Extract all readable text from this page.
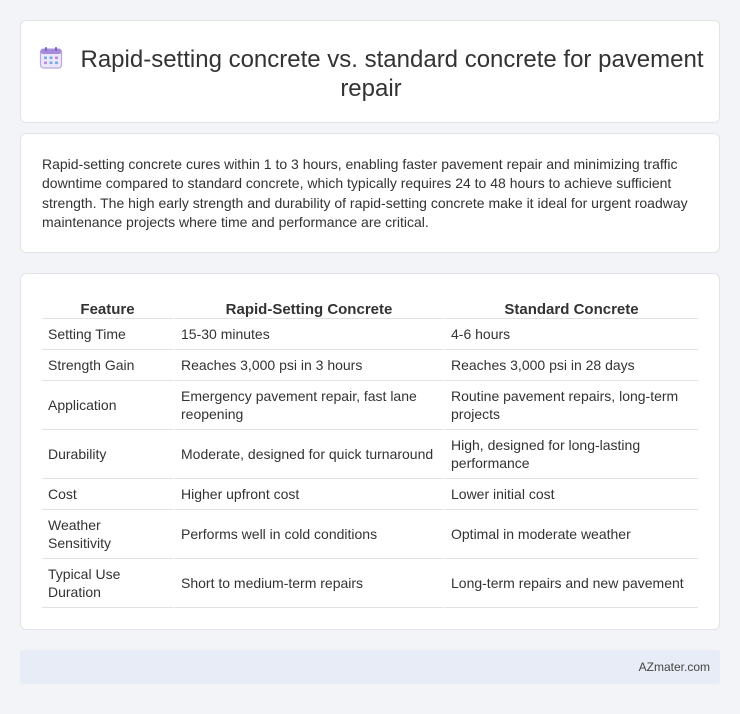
Rapid-setting concrete vs. standard concrete for pavement repair

Rapid-setting concrete cures within 1 to 3 hours, enabling faster pavement repair and minimizing traffic downtime compared to standard concrete, which typically requires 24 to 48 hours to achieve sufficient strength. The high early strength and durability of rapid-setting concrete make it ideal for urgent roadway maintenance projects where time and performance are critical.

Feature	Rapid-Setting Concrete	Standard Concrete
Setting Time	15-30 minutes	4-6 hours
Strength Gain	Reaches 3,000 psi in 3 hours	Reaches 3,000 psi in 28 days
Application	Emergency pavement repair, fast lane reopening	Routine pavement repairs, long-term projects
Durability	Moderate, designed for quick turnaround	High, designed for long-lasting performance
Cost	Higher upfront cost	Lower initial cost
Weather Sensitivity	Performs well in cold conditions	Optimal in moderate weather
Typical Use Duration	Short to medium-term repairs	Long-term repairs and new pavement
AZmater.com
